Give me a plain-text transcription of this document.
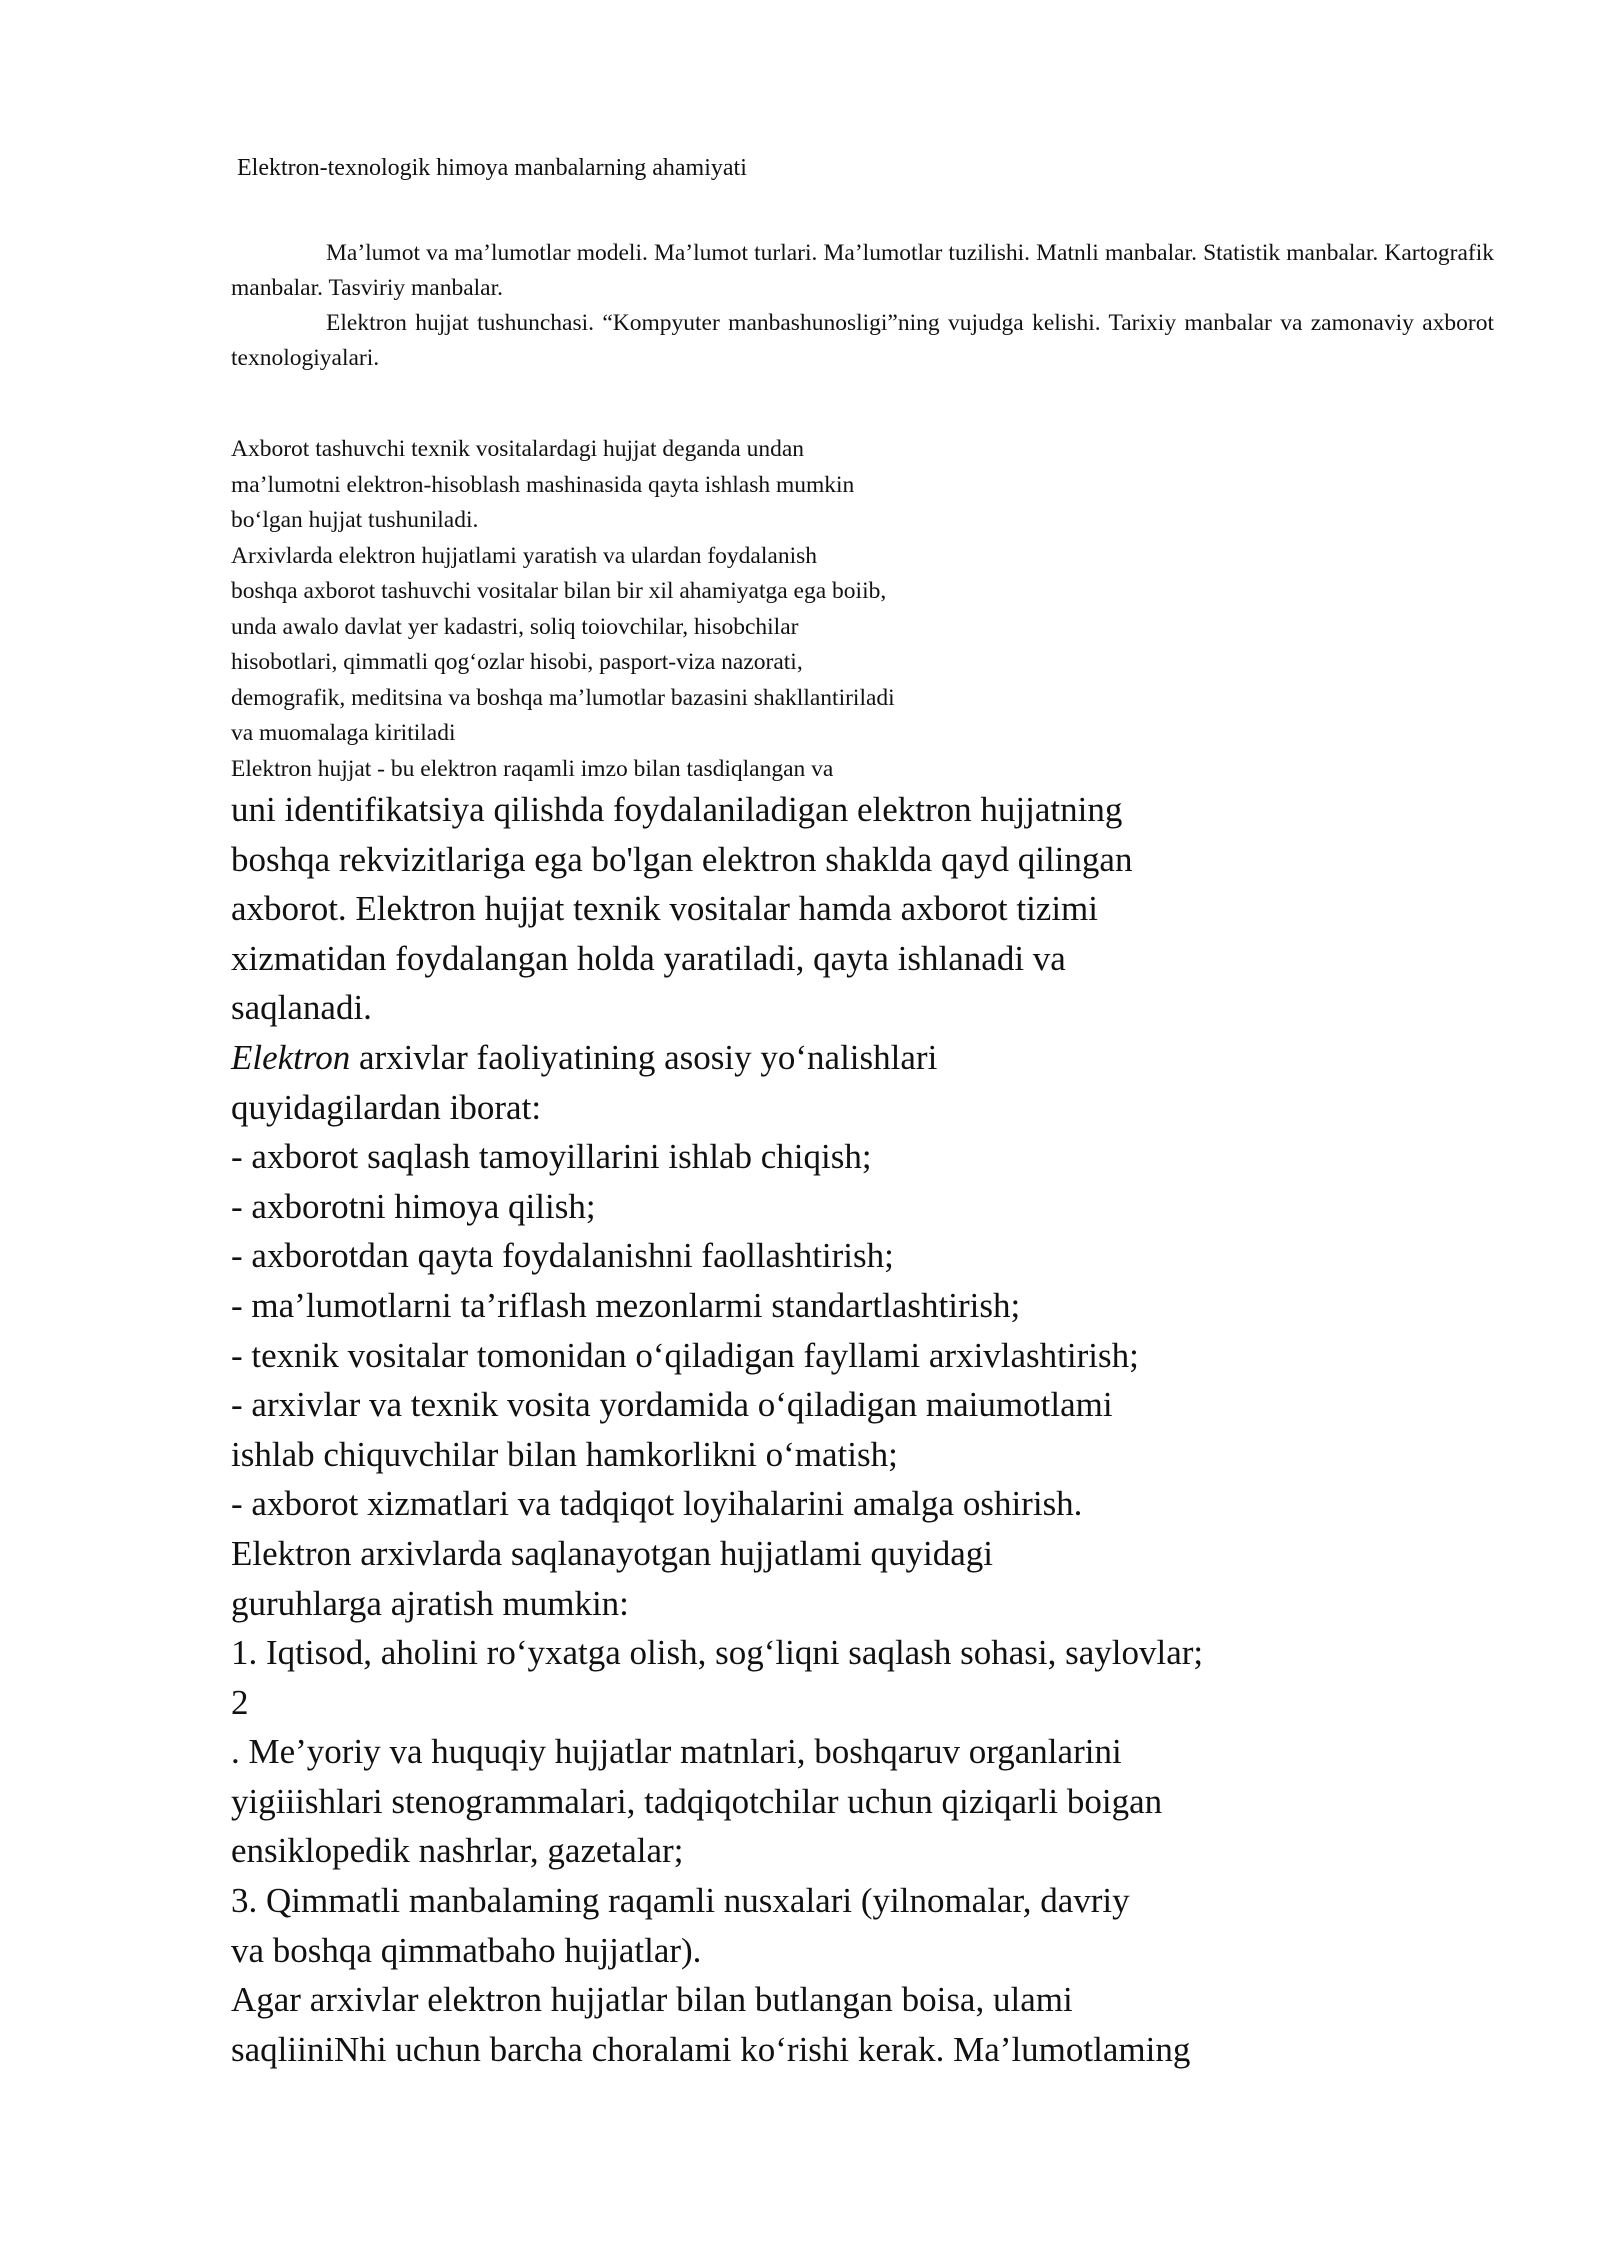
Elektron-texnologik himoya manbalarning ahamiyati

Ma’lumot va ma’lumotlar modeli. Ma’lumot turlari. Ma’lumotlar tuzilishi. Matnli manbalar. Statistik manbalar. Kartografik manbalar. Tasviriy manbalar.

Elektron hujjat tushunchasi. “Kompyuter manbashunosligi”ning vujudga kelishi. Tarixiy manbalar va zamonaviy axborot texnologiyalari.

Axborot tashuvchi texnik vositalardagi hujjat deganda undan
ma’lumotni elektron-hisoblash mashinasida qayta ishlash mumkin
bo‘lgan hujjat tushuniladi.
Arxivlarda elektron hujjatlami yaratish va ulardan foydalanish
boshqa axborot tashuvchi vositalar bilan bir xil ahamiyatga ega boiib,
unda awalo davlat yer kadastri, soliq toiovchilar, hisobchilar
hisobotlari, qimmatli qog‘ozlar hisobi, pasport-viza nazorati,
demografik, meditsina va boshqa ma’lumotlar bazasini shakllantiriladi
va muomalaga kiritiladi
Elektron hujjat - bu elektron raqamli imzo bilan tasdiqlangan va
uni identifikatsiya qilishda foydalaniladigan elektron hujjatning
boshqa rekvizitlariga ega bo'lgan elektron shaklda qayd qilingan
axborot. Elektron hujjat texnik vositalar hamda axborot tizimi
xizmatidan foydalangan holda yaratiladi, qayta ishlanadi va
saqlanadi.
Elektron arxivlar faoliyatining asosiy yo‘nalishlari
quyidagilardan iborat:
- axborot saqlash tamoyillarini ishlab chiqish;
- axborotni himoya qilish;
- axborotdan qayta foydalanishni faollashtirish;
- ma’lumotlarni ta’riflash mezonlarmi standartlashtirish;
- texnik vositalar tomonidan o‘qiladigan fayllami arxivlashtirish;
- arxivlar va texnik vosita yordamida o‘qiladigan maiumotlami
ishlab chiquvchilar bilan hamkorlikni o‘matish;
- axborot xizmatlari va tadqiqot loyihalarini amalga oshirish.
Elektron arxivlarda saqlanayotgan hujjatlami quyidagi
guruhlarga ajratish mumkin:
1. Iqtisod, aholini ro‘yxatga olish, sog‘liqni saqlash sohasi, saylovlar;
2
. Me’yoriy va huquqiy hujjatlar matnlari, boshqaruv organlarini
yigiiishlari stenogrammalari, tadqiqotchilar uchun qiziqarli boigan
ensiklopedik nashrlar, gazetalar;
3. Qimmatli manbalaming raqamli nusxalari (yilnomalar, davriy
va boshqa qimmatbaho hujjatlar).
Agar arxivlar elektron hujjatlar bilan butlangan boisa, ulami
saqliiniNhi uchun barcha choralami ko‘rishi kerak. Ma’lumotlaming
